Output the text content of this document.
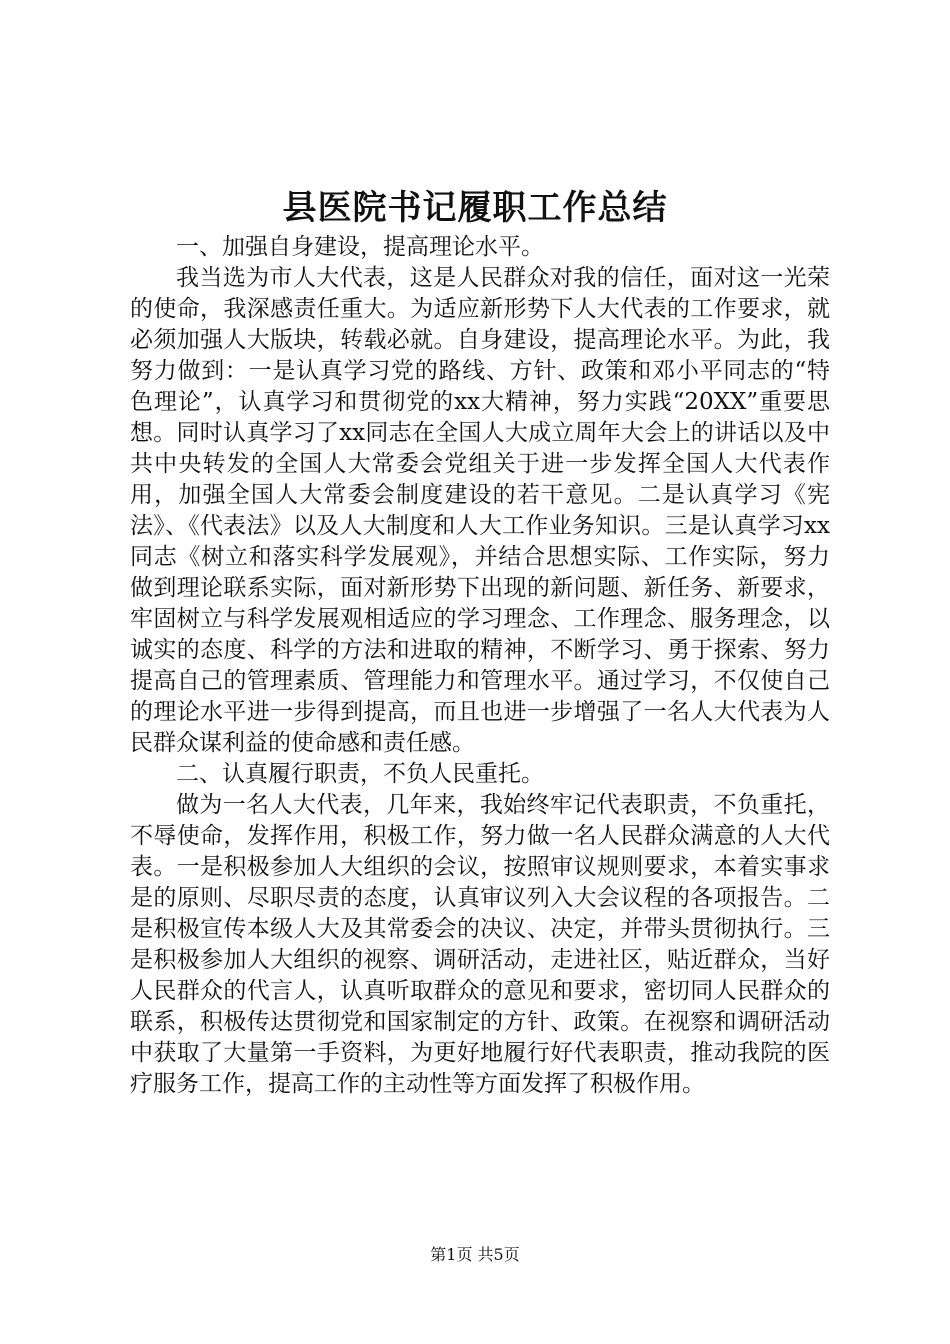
县医院书记履职工作总结

一、加强自身建设，提高理论水平。

我当选为市人大代表，这是人民群众对我的信任，面对这一光荣的使命，我深感责任重大。为适应新形势下人大代表的工作要求，就必须加强人大版块，转载必就。自身建设，提高理论水平。为此，我努力做到：一是认真学习党的路线、方针、政策和邓小平同志的“特色理论”，认真学习和贯彻党的xx大精神，努力实践“20XX”重要思想。同时认真学习了xx同志在全国人大成立周年大会上的讲话以及中共中央转发的全国人大常委会党组关于进一步发挥全国人大代表作用，加强全国人大常委会制度建设的若干意见。二是认真学习《宪法》、《代表法》以及人大制度和人大工作业务知识。三是认真学习xx同志《树立和落实科学发展观》，并结合思想实际、工作实际，努力做到理论联系实际，面对新形势下出现的新问题、新任务、新要求，牢固树立与科学发展观相适应的学习理念、工作理念、服务理念，以诚实的态度、科学的方法和进取的精神，不断学习、勇于探索、努力提高自己的管理素质、管理能力和管理水平。通过学习，不仅使自己的理论水平进一步得到提高，而且也进一步增强了一名人大代表为人民群众谋利益的使命感和责任感。

二、认真履行职责，不负人民重托。

做为一名人大代表，几年来，我始终牢记代表职责，不负重托，不辱使命，发挥作用，积极工作，努力做一名人民群众满意的人大代表。一是积极参加人大组织的会议，按照审议规则要求，本着实事求是的原则、尽职尽责的态度，认真审议列入大会议程的各项报告。二是积极宣传本级人大及其常委会的决议、决定，并带头贯彻执行。三是积极参加人大组织的视察、调研活动，走进社区，贴近群众，当好人民群众的代言人，认真听取群众的意见和要求，密切同人民群众的联系，积极传达贯彻党和国家制定的方针、政策。在视察和调研活动中获取了大量第一手资料，为更好地履行好代表职责，推动我院的医疗服务工作，提高工作的主动性等方面发挥了积极作用。

第1页 共5页
